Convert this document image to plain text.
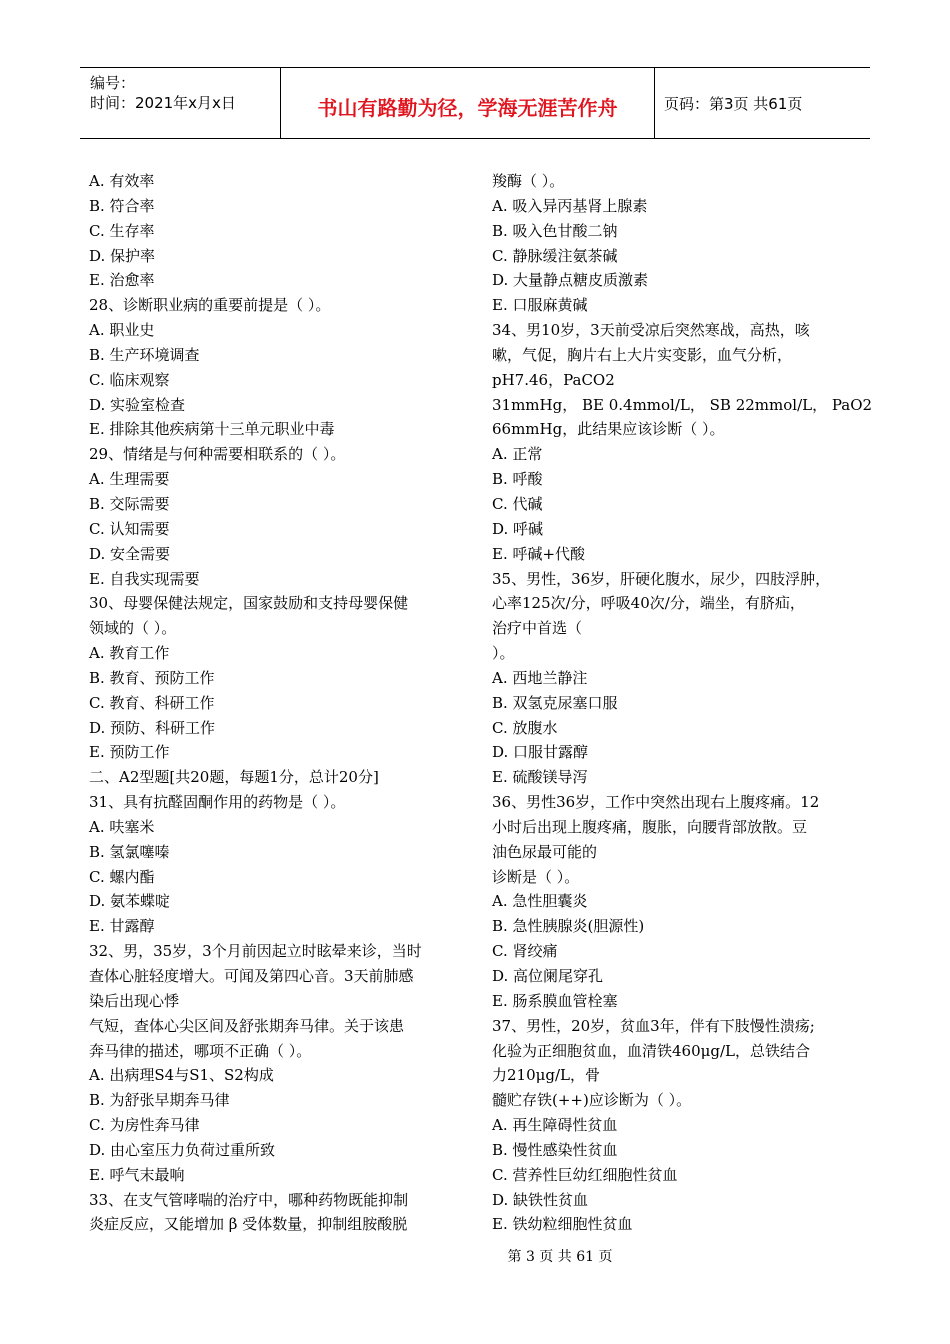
编号：
时间：2021年x月x日	书山有路勤为径，学海无涯苦作舟	页码：第3页 共61页
A. 有效率
B. 符合率
C. 生存率
D. 保护率
E. 治愈率
28、诊断职业病的重要前提是（ ）。
A. 职业史
B. 生产环境调查
C. 临床观察
D. 实验室检查
E. 排除其他疾病第十三单元职业中毒
29、情绪是与何种需要相联系的（ ）。
A. 生理需要
B. 交际需要
C. 认知需要
D. 安全需要
E. 自我实现需要
30、母婴保健法规定，国家鼓励和支持母婴保健
领域的（ ）。
A. 教育工作
B. 教育、预防工作
C. 教育、科研工作
D. 预防、科研工作
E. 预防工作
二、A2型题[共20题，每题1分，总计20分]
31、具有抗醛固酮作用的药物是（ ）。
A. 呋塞米
B. 氢氯噻嗪
C. 螺内酯
D. 氨苯蝶啶
E. 甘露醇
32、男，35岁，3个月前因起立时眩晕来诊，当时
查体心脏轻度增大。可闻及第四心音。3天前肺感
染后出现心悸
气短，查体心尖区间及舒张期奔马律。关于该患
奔马律的描述，哪项不正确（ ）。
A. 出病理S4与S1、S2构成
B. 为舒张早期奔马律
C. 为房性奔马律
D. 由心室压力负荷过重所致
E. 呼气末最响
33、在支气管哮喘的治疗中，哪种药物既能抑制
炎症反应，又能增加 β 受体数量，抑制组胺酸脱
羧酶（ ）。
A. 吸入异丙基肾上腺素
B. 吸入色甘酸二钠
C. 静脉缓注氨茶碱
D. 大量静点糖皮质激素
E. 口服麻黄碱
34、男10岁，3天前受凉后突然寒战，高热，咳
嗽，气促，胸片右上大片实变影，血气分析，
pH7.46，PaCO2
31mmHg， BE 0.4mmol/L， SB 22mmol/L， PaO2
66mmHg，此结果应该诊断（ ）。
A. 正常
B. 呼酸
C. 代碱
D. 呼碱
E. 呼碱+代酸
35、男性，36岁，肝硬化腹水，尿少，四肢浮肿，
心率125次/分，呼吸40次/分，端坐，有脐疝，
治疗中首选（
）。
A. 西地兰静注
B. 双氢克尿塞口服
C. 放腹水
D. 口服甘露醇
E. 硫酸镁导泻
36、男性36岁，工作中突然出现右上腹疼痛。12
小时后出现上腹疼痛，腹胀，向腰背部放散。豆
油色尿最可能的
诊断是（ ）。
A. 急性胆囊炎
B. 急性胰腺炎(胆源性)
C. 肾绞痛
D. 高位阑尾穿孔
E. 肠系膜血管栓塞
37、男性，20岁，贫血3年，伴有下肢慢性溃疡;
化验为正细胞贫血，血清铁460μg/L，总铁结合
力210μg/L，骨
髓贮存铁(++)应诊断为（ ）。
A. 再生障碍性贫血
B. 慢性感染性贫血
C. 营养性巨幼红细胞性贫血
D. 缺铁性贫血
E. 铁幼粒细胞性贫血
第 3 页 共 61 页
